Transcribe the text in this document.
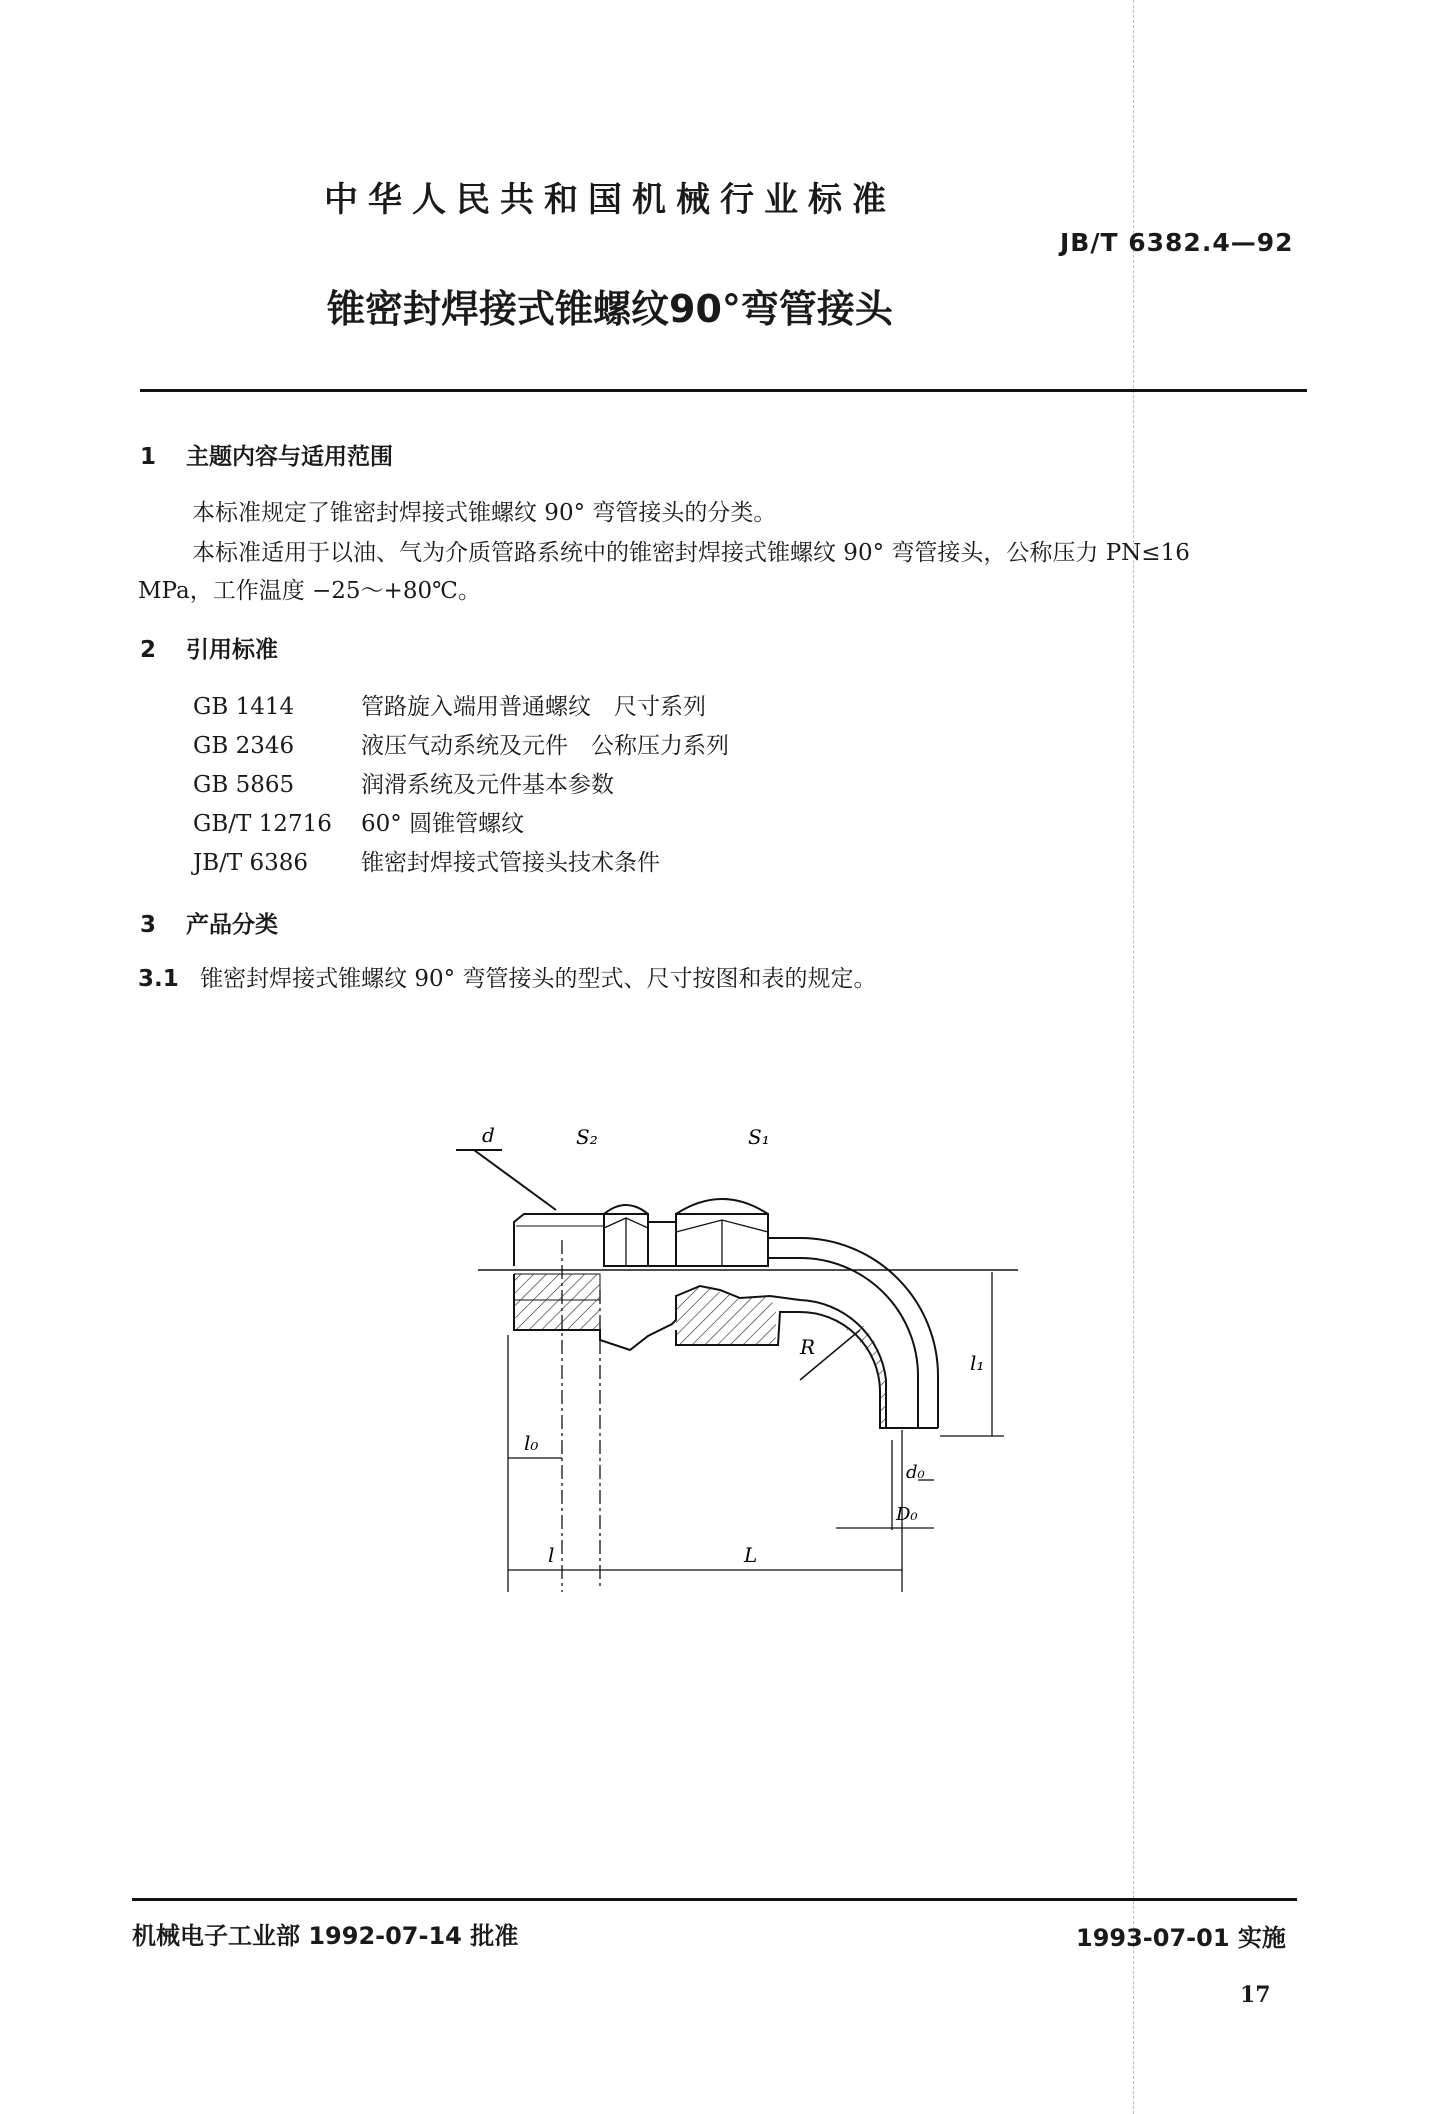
中华人民共和国机械行业标准
JB/T 6382.4—92
锥密封焊接式锥螺纹90°弯管接头
1 主题内容与适用范围
本标准规定了锥密封焊接式锥螺纹 90° 弯管接头的分类。
本标准适用于以油、气为介质管路系统中的锥密封焊接式锥螺纹 90° 弯管接头，公称压力 PN≤16
MPa，工作温度 −25～+80℃。
2 引用标准
GB 1414	管路旋入端用普通螺纹　尺寸系列
GB 2346	液压气动系统及元件　公称压力系列
GB 5865	润滑系统及元件基本参数
GB/T 12716 60° 圆锥管螺纹
JB/T 6386 锥密封焊接式管接头技术条件
3 产品分类
3.1 锥密封焊接式锥螺纹 90° 弯管接头的型式、尺寸按图和表的规定。
d	S₂	S₁
R
l₁
l₀
d₀
D₀
l	L
机械电子工业部 1992-07-14 批准	1993-07-01 实施
17
